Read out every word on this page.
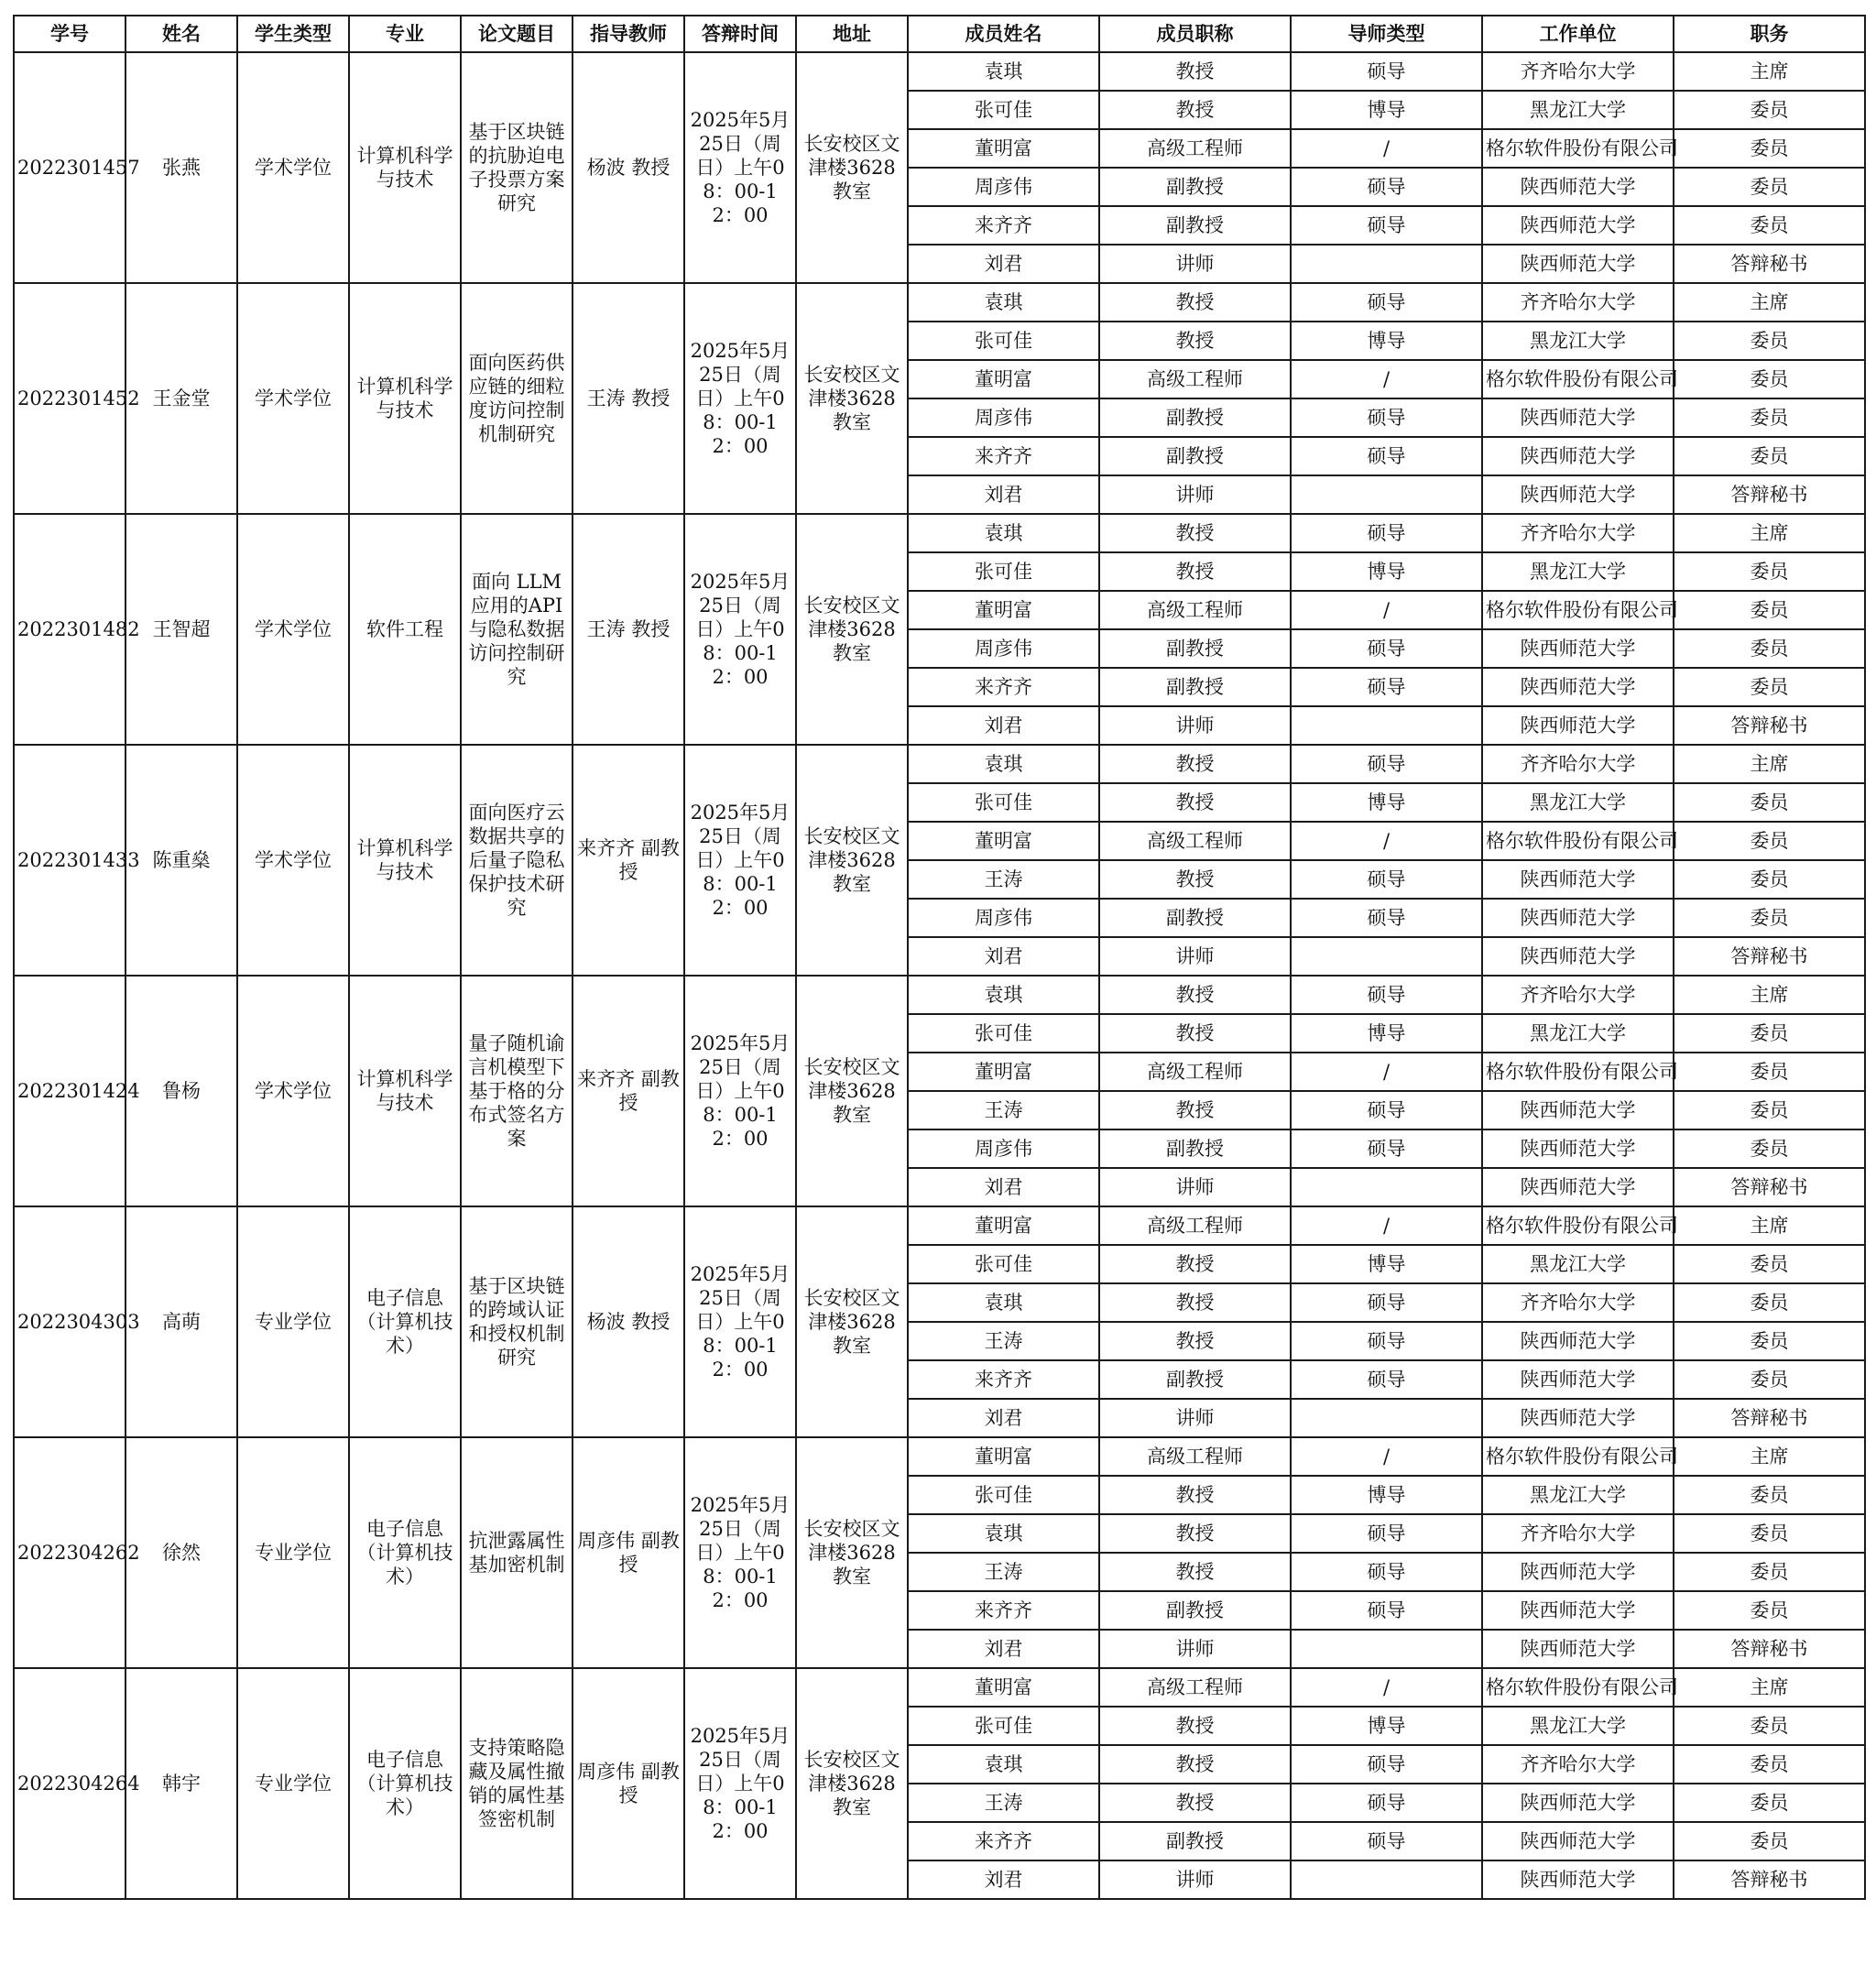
学号	姓名	学生类型	专业	论文题目	指导教师	答辩时间	地址	成员姓名	成员职称	导师类型	工作单位	职务
2022301457	张燕	学术学位	计算机科学与技术	基于区块链的抗胁迫电子投票方案研究	杨波 教授	2025年5月25日（周日）上午08：00-12：00	长安校区文津楼3628教室	袁琪	教授	硕导	齐齐哈尔大学	主席
								张可佳	教授	博导	黑龙江大学	委员
								董明富	高级工程师	/	格尔软件股份有限公司	委员
								周彦伟	副教授	硕导	陕西师范大学	委员
								来齐齐	副教授	硕导	陕西师范大学	委员
								刘君	讲师		陕西师范大学	答辩秘书
2022301452	王金堂	学术学位	计算机科学与技术	面向医药供应链的细粒度访问控制机制研究	王涛 教授	2025年5月25日（周日）上午08：00-12：00	长安校区文津楼3628教室	袁琪	教授	硕导	齐齐哈尔大学	主席
								张可佳	教授	博导	黑龙江大学	委员
								董明富	高级工程师	/	格尔软件股份有限公司	委员
								周彦伟	副教授	硕导	陕西师范大学	委员
								来齐齐	副教授	硕导	陕西师范大学	委员
								刘君	讲师		陕西师范大学	答辩秘书
2022301482	王智超	学术学位	软件工程	面向 LLM应用的API与隐私数据访问控制研究	王涛 教授	2025年5月25日（周日）上午08：00-12：00	长安校区文津楼3628教室	袁琪	教授	硕导	齐齐哈尔大学	主席
								张可佳	教授	博导	黑龙江大学	委员
								董明富	高级工程师	/	格尔软件股份有限公司	委员
								周彦伟	副教授	硕导	陕西师范大学	委员
								来齐齐	副教授	硕导	陕西师范大学	委员
								刘君	讲师		陕西师范大学	答辩秘书
2022301433	陈重燊	学术学位	计算机科学与技术	面向医疗云数据共享的后量子隐私保护技术研究	来齐齐 副教授	2025年5月25日（周日）上午08：00-12：00	长安校区文津楼3628教室	袁琪	教授	硕导	齐齐哈尔大学	主席
								张可佳	教授	博导	黑龙江大学	委员
								董明富	高级工程师	/	格尔软件股份有限公司	委员
								王涛	教授	硕导	陕西师范大学	委员
								周彦伟	副教授	硕导	陕西师范大学	委员
								刘君	讲师		陕西师范大学	答辩秘书
2022301424	鲁杨	学术学位	计算机科学与技术	量子随机谕言机模型下基于格的分布式签名方案	来齐齐 副教授	2025年5月25日（周日）上午08：00-12：00	长安校区文津楼3628教室	袁琪	教授	硕导	齐齐哈尔大学	主席
								张可佳	教授	博导	黑龙江大学	委员
								董明富	高级工程师	/	格尔软件股份有限公司	委员
								王涛	教授	硕导	陕西师范大学	委员
								周彦伟	副教授	硕导	陕西师范大学	委员
								刘君	讲师		陕西师范大学	答辩秘书
2022304303	高萌	专业学位	电子信息（计算机技术）	基于区块链的跨域认证和授权机制研究	杨波 教授	2025年5月25日（周日）上午08：00-12：00	长安校区文津楼3628教室	董明富	高级工程师	/	格尔软件股份有限公司	主席
								张可佳	教授	博导	黑龙江大学	委员
								袁琪	教授	硕导	齐齐哈尔大学	委员
								王涛	教授	硕导	陕西师范大学	委员
								来齐齐	副教授	硕导	陕西师范大学	委员
								刘君	讲师		陕西师范大学	答辩秘书
2022304262	徐然	专业学位	电子信息（计算机技术）	抗泄露属性基加密机制	周彦伟 副教授	2025年5月25日（周日）上午08：00-12：00	长安校区文津楼3628教室	董明富	高级工程师	/	格尔软件股份有限公司	主席
								张可佳	教授	博导	黑龙江大学	委员
								袁琪	教授	硕导	齐齐哈尔大学	委员
								王涛	教授	硕导	陕西师范大学	委员
								来齐齐	副教授	硕导	陕西师范大学	委员
								刘君	讲师		陕西师范大学	答辩秘书
2022304264	韩宇	专业学位	电子信息（计算机技术）	支持策略隐藏及属性撤销的属性基签密机制	周彦伟 副教授	2025年5月25日（周日）上午08：00-12：00	长安校区文津楼3628教室	董明富	高级工程师	/	格尔软件股份有限公司	主席
								张可佳	教授	博导	黑龙江大学	委员
								袁琪	教授	硕导	齐齐哈尔大学	委员
								王涛	教授	硕导	陕西师范大学	委员
								来齐齐	副教授	硕导	陕西师范大学	委员
								刘君	讲师		陕西师范大学	答辩秘书
